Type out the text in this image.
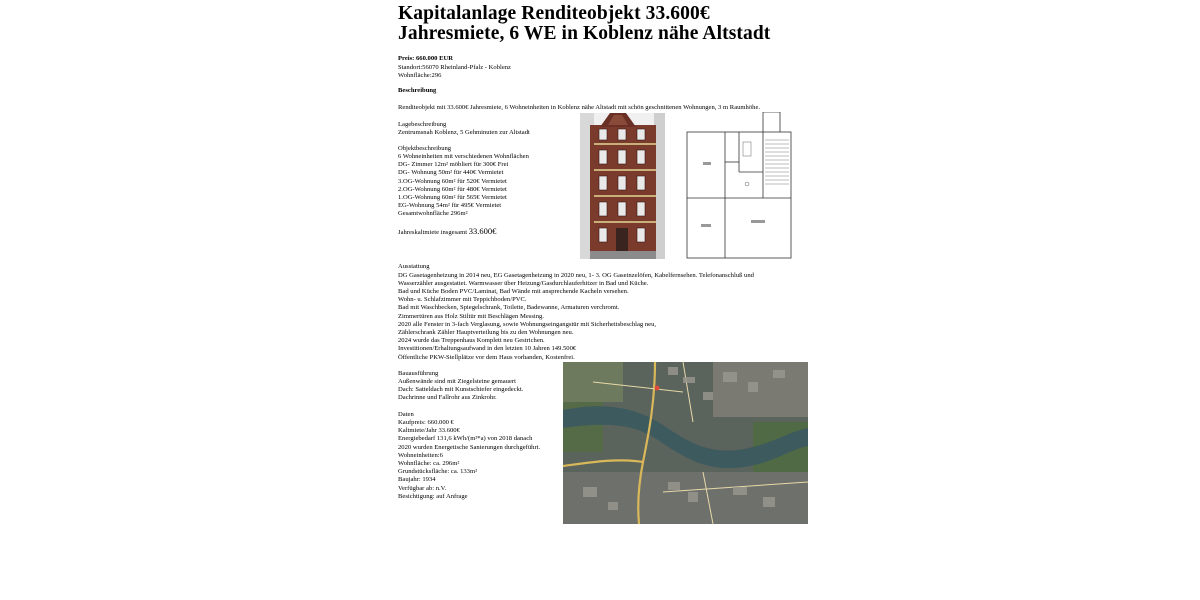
Kapitalanlage Renditeobjekt 33.600€ Jahresmiete, 6 WE in Koblenz nähe Altstadt
Preis: 660.000 EUR
Standort:56070 Rheinland-Pfalz - Koblenz
Wohnfläche:296
Beschreibung
Renditeobjekt mit 33.600€ Jahresmiete, 6 Wohneinheiten in Koblenz nähe Altstadt mit schön geschnittenen Wohnungen, 3 m Raumhöhe.
Lagebeschreibung
Zentrumsnah Koblenz, 5 Gehminuten zur Altstadt
Objektbeschreibung
6 Wohneinheiten mit verschiedenen Wohnflächen
DG- Zimmer 12m² möbliert für 300€ Frei
DG- Wohnung 50m² für 440€ Vermietet
3.OG-Wohnung 60m² für 520€ Vermietet
2.OG-Wohnung 60m² für 480€ Vermietet
1.OG-Wohnung 60m² für 565€ Vermietet
EG-Wohnung 54m² für 495€ Vermietet
Gesamtwohnfläche 296m²
Jahreskaltmiete insgesamt 33.600€
Ausstattung
DG Gasetagenheizung in 2014 neu, EG Gasetagenheizung in 2020 neu, 1- 3. OG Gaseinzelöfen, Kabelfernsehen. Telefonanschluß und
Wasserzähler ausgestattet. Warmwasser über Heizung/Gasdurchlauferhitzer in Bad und Küche.
Bad und Küche Boden PVC/Laminat, Bad Wände mit ansprechende Kacheln versehen.
Wohn- u. Schlafzimmer mit Teppichboden/PVC.
Bad mit Waschbecken, Spiegelschrank, Toilette, Badewanne, Armaturen verchromt.
Zimmertüren aus Holz Stiltür mit Beschlägen Messing.
2020 alle Fenster in 3-fach Verglasung, sowie Wohnungseingangstür mit Sicherheitsbeschlag neu,
Zählerschrank Zähler Hauptverteilung bis zu den Wohnungen neu.
2024 wurde das Treppenhaus Komplett neu Gestrichen.
Investitionen/Erhaltungsaufwand in den letzten 10 Jahren 149.500€
Öffentliche PKW-Stellplätze vor dem Haus vorhanden, Kostenfrei.
Bauausführung
Außenwände sind mit Ziegelsteine gemauert
Dach: Satteldach mit Kunstschiefer eingedeckt.
Dachrinne und Fallrohr aus Zinkrohr.
Daten
Kaufpreis: 660.000 €
Kaltmiete/Jahr 33.600€
Energiebedarf 131,6 kWh/(m²*a) von 2018 danach
2020 wurden Energetische Sanierungen durchgeführt.
Wohneinheiten:6
Wohnfläche: ca. 296m²
Grundstücksfläche: ca. 133m²
Baujahr: 1934
Verfügbar ab: n.V.
Besichtigung: auf Anfrage
